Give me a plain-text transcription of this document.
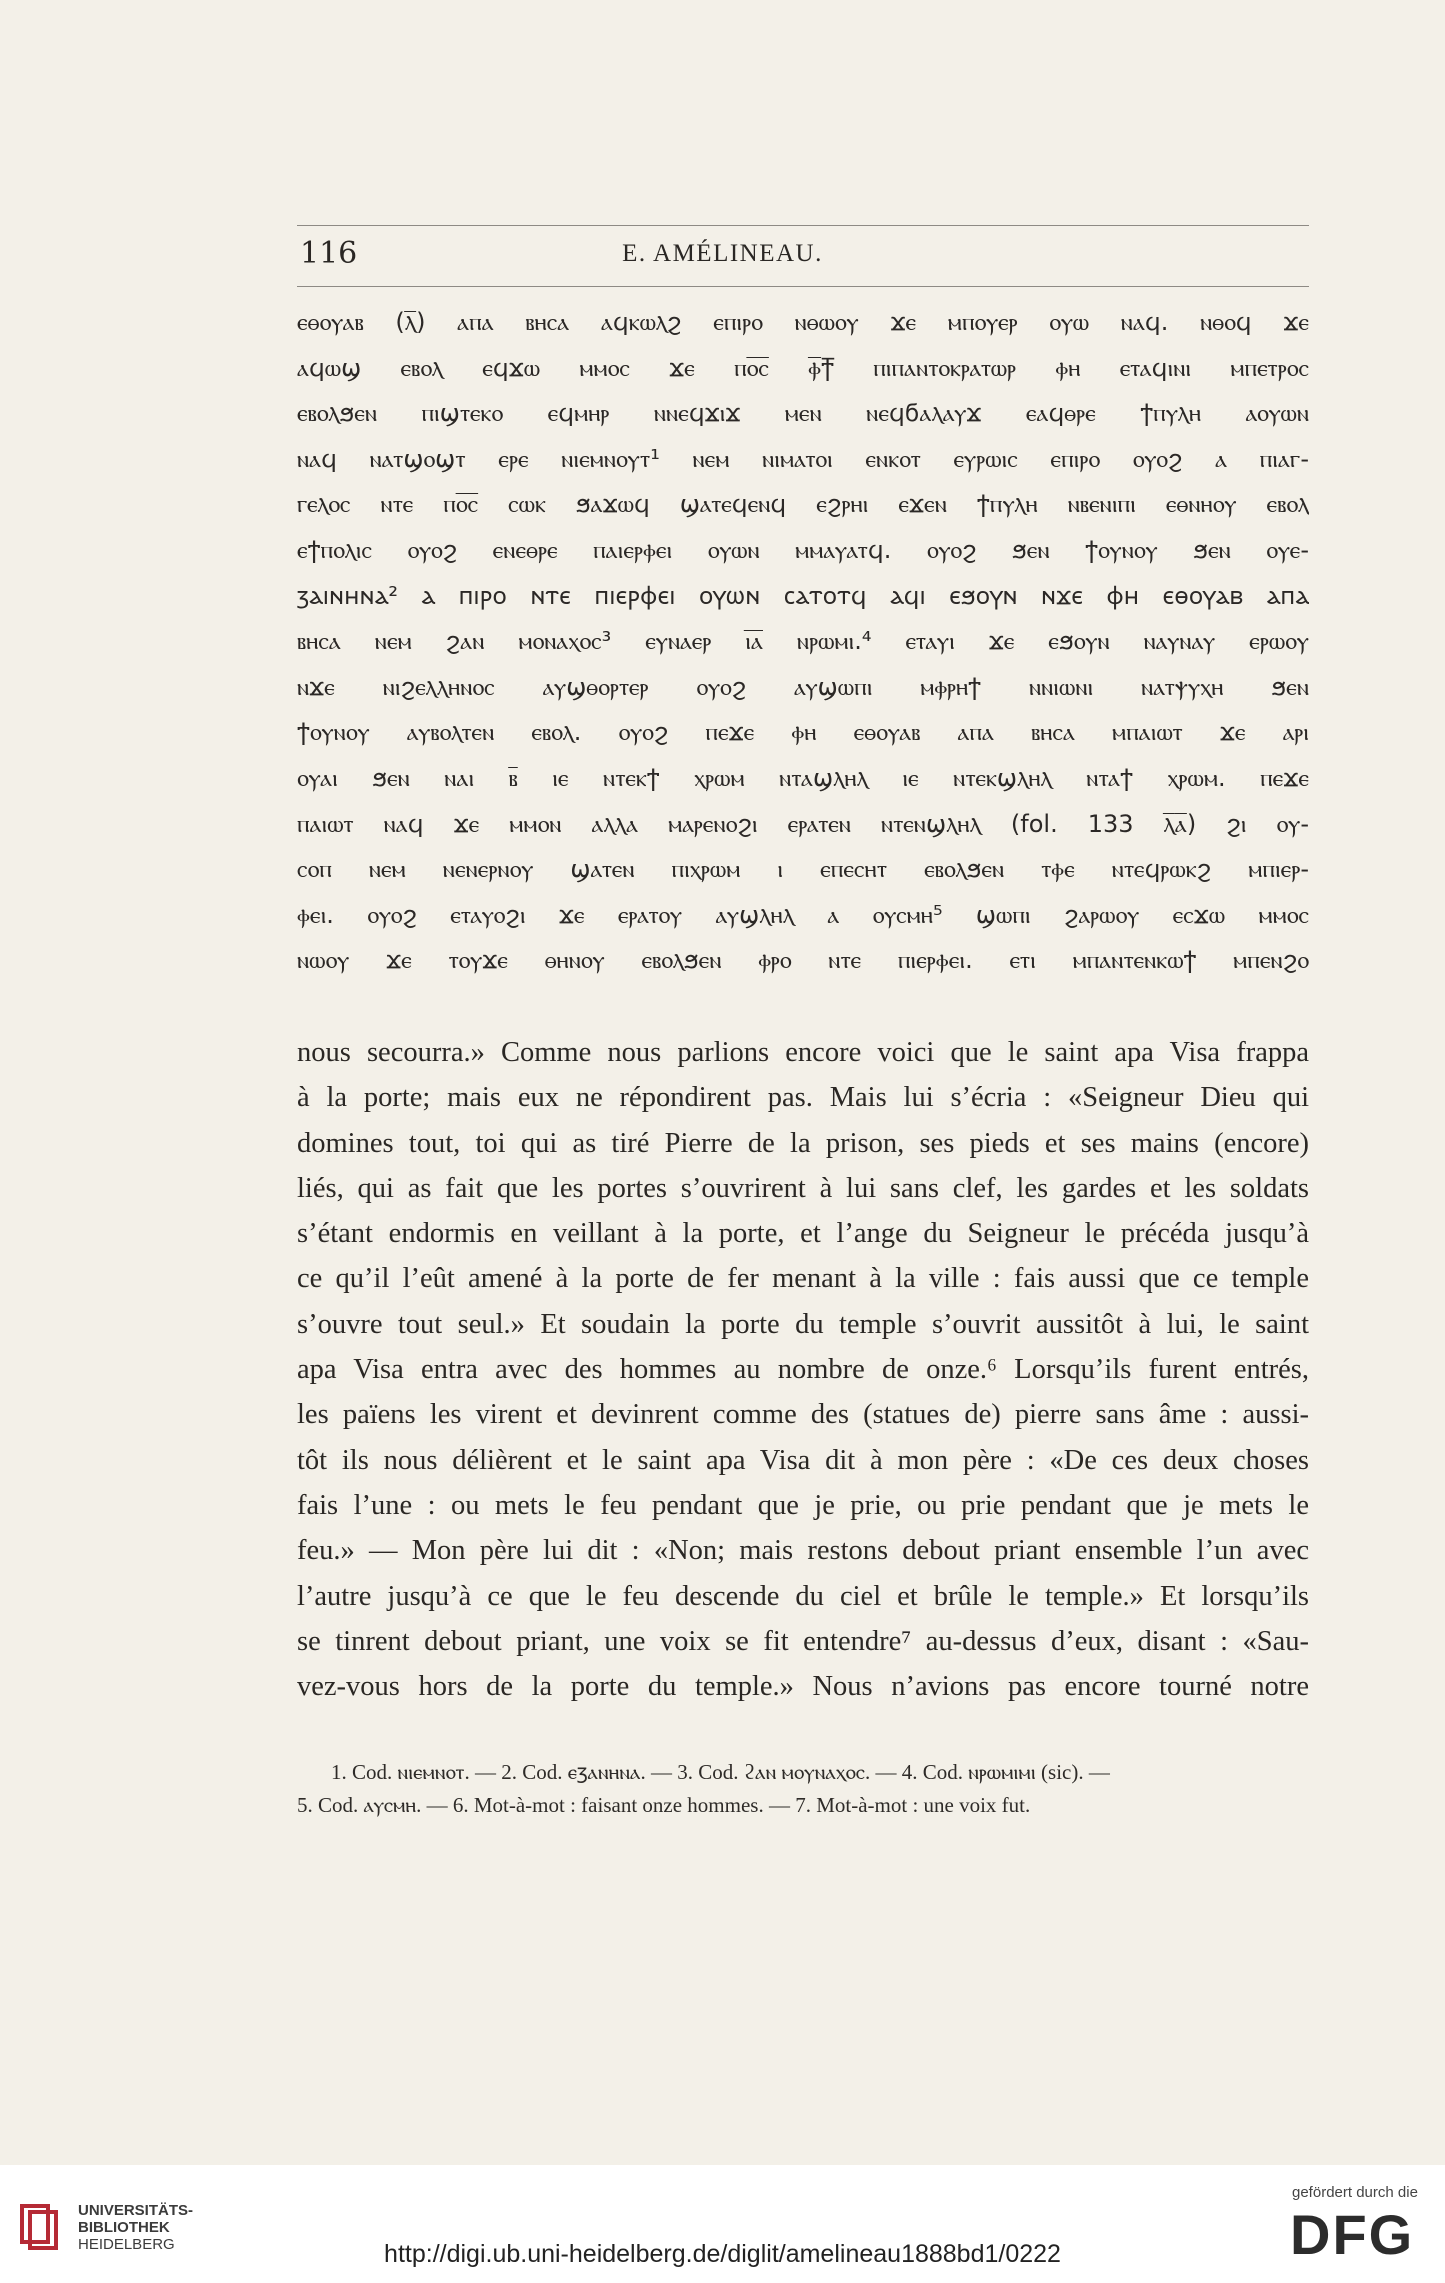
116	E. AMÉLINEAU.
ⲉⲑⲟⲩⲁⲃ (ⲗ̅) ⲁⲡⲁ ⲃⲏⲥⲁ ⲁϥⲕⲱⲗϩ ⲉⲡⲓⲣⲟ ⲛⲑⲱⲟⲩ ϫⲉ ⲙⲡⲟⲩⲉⲣ ⲟⲩⲱ ⲛⲁϥ. ⲛⲑⲟϥ ϫⲉ
ⲁϥⲱϣ ⲉⲃⲟⲗ ⲉϥϫⲱ ⲙⲙⲟⲥ ϫⲉ ⲡⲟ̅ⲥ̅ ⲫ̅ϯ̅ ⲡⲓⲡⲁⲛⲧⲟⲕⲣⲁⲧⲱⲣ ⲫⲏ ⲉⲧⲁϥⲓⲛⲓ ⲙⲡⲉⲧⲣⲟⲥ
ⲉⲃⲟⲗϧⲉⲛ ⲡⲓϣⲧⲉⲕⲟ ⲉϥⲙⲏⲣ ⲛⲛⲉϥϫⲓϫ ⲙⲉⲛ ⲛⲉϥϭⲁⲗⲁⲩϫ ⲉⲁϥⲑⲣⲉ ϯⲡⲩⲗⲏ ⲁⲟⲩⲱⲛ
ⲛⲁϥ ⲛⲁⲧϣⲟϣⲧ ⲉⲣⲉ ⲛⲓⲉⲙⲛⲟⲩⲧ¹ ⲛⲉⲙ ⲛⲓⲙⲁⲧⲟⲓ ⲉⲛⲕⲟⲧ ⲉⲩⲣⲱⲓⲥ ⲉⲡⲓⲣⲟ ⲟⲩⲟϩ ⲁ ⲡⲓⲁⲅ-
ⲅⲉⲗⲟⲥ ⲛⲧⲉ ⲡⲟ̅ⲥ̅ ⲥⲱⲕ ϧⲁϫⲱϥ ϣⲁⲧⲉϥⲉⲛϥ ⲉϩⲣⲏⲓ ⲉϫⲉⲛ ϯⲡⲩⲗⲏ ⲛⲃⲉⲛⲓⲡⲓ ⲉⲑⲛⲏⲟⲩ ⲉⲃⲟⲗ
ⲉϯⲡⲟⲗⲓⲥ ⲟⲩⲟϩ ⲉⲛⲉⲑⲣⲉ ⲡⲁⲓⲉⲣⲫⲉⲓ ⲟⲩⲱⲛ ⲙⲙⲁⲩⲁⲧϥ. ⲟⲩⲟϩ ϧⲉⲛ ϯⲟⲩⲛⲟⲩ ϧⲉⲛ ⲟⲩⲉ-
ⳅⲁⲓⲛⲏⲛⲁ² ⲁ ⲡⲓⲣⲟ ⲛⲧⲉ ⲡⲓⲉⲣⲫⲉⲓ ⲟⲩⲱⲛ ⲥⲁⲧⲟⲧϥ ⲁϥⲓ ⲉϧⲟⲩⲛ ⲛϫⲉ ⲫⲏ ⲉⲑⲟⲩⲁⲃ ⲁⲡⲁ
ⲃⲏⲥⲁ ⲛⲉⲙ ϩⲁⲛ ⲙⲟⲛⲁⲭⲟⲥ³ ⲉⲩⲛⲁⲉⲣ ⲓ̅ⲁ̅ ⲛⲣⲱⲙⲓ.⁴ ⲉⲧⲁⲩⲓ ϫⲉ ⲉϧⲟⲩⲛ ⲛⲁⲩⲛⲁⲩ ⲉⲣⲱⲟⲩ
ⲛϫⲉ ⲛⲓϩⲉⲗⲗⲏⲛⲟⲥ ⲁⲩϣⲑⲟⲣⲧⲉⲣ ⲟⲩⲟϩ ⲁⲩϣⲱⲡⲓ ⲙⲫⲣⲏϯ ⲛⲛⲓⲱⲛⲓ ⲛⲁⲧⲯⲩⲭⲏ ϧⲉⲛ
ϯⲟⲩⲛⲟⲩ ⲁⲩⲃⲟⲗⲧⲉⲛ ⲉⲃⲟⲗ. ⲟⲩⲟϩ ⲡⲉϫⲉ ⲫⲏ ⲉⲑⲟⲩⲁⲃ ⲁⲡⲁ ⲃⲏⲥⲁ ⲙⲡⲁⲓⲱⲧ ϫⲉ ⲁⲣⲓ
ⲟⲩⲁⲓ ϧⲉⲛ ⲛⲁⲓ ⲃ̅ ⲓⲉ ⲛⲧⲉⲕϯ ⲭⲣⲱⲙ ⲛⲧⲁϣⲗⲏⲗ ⲓⲉ ⲛⲧⲉⲕϣⲗⲏⲗ ⲛⲧⲁϯ ⲭⲣⲱⲙ. ⲡⲉϫⲉ
ⲡⲁⲓⲱⲧ ⲛⲁϥ ϫⲉ ⲙⲙⲟⲛ ⲁⲗⲗⲁ ⲙⲁⲣⲉⲛⲟϩⲓ ⲉⲣⲁⲧⲉⲛ ⲛⲧⲉⲛϣⲗⲏⲗ (fol. 133 ⲗ̅ⲁ̅) ϩⲓ ⲟⲩ-
ⲥⲟⲡ ⲛⲉⲙ ⲛⲉⲛⲉⲣⲛⲟⲩ ϣⲁⲧⲉⲛ ⲡⲓⲭⲣⲱⲙ ⲓ ⲉⲡⲉⲥⲏⲧ ⲉⲃⲟⲗϧⲉⲛ ⲧⲫⲉ ⲛⲧⲉϥⲣⲱⲕϩ ⲙⲡⲓⲉⲣ-
ⲫⲉⲓ. ⲟⲩⲟϩ ⲉⲧⲁⲩⲟϩⲓ ϫⲉ ⲉⲣⲁⲧⲟⲩ ⲁⲩϣⲗⲏⲗ ⲁ ⲟⲩⲥⲙⲏ⁵ ϣⲱⲡⲓ ϩⲁⲣⲱⲟⲩ ⲉⲥϫⲱ ⲙⲙⲟⲥ
ⲛⲱⲟⲩ ϫⲉ ⲧⲟⲩϫⲉ ⲑⲏⲛⲟⲩ ⲉⲃⲟⲗϧⲉⲛ ⲫⲣⲟ ⲛⲧⲉ ⲡⲓⲉⲣⲫⲉⲓ. ⲉⲧⲓ ⲙⲡⲁⲛⲧⲉⲛⲕⲱϯ ⲙⲡⲉⲛϩⲟ
nous secourra.» Comme nous parlions encore voici que le saint apa Visa frappa
à la porte; mais eux ne répondirent pas. Mais lui s’écria : «Seigneur Dieu qui
domines tout, toi qui as tiré Pierre de la prison, ses pieds et ses mains (encore)
liés, qui as fait que les portes s’ouvrirent à lui sans clef, les gardes et les soldats
s’étant endormis en veillant à la porte, et l’ange du Seigneur le précéda jusqu’à
ce qu’il l’eût amené à la porte de fer menant à la ville : fais aussi que ce temple
s’ouvre tout seul.» Et soudain la porte du temple s’ouvrit aussitôt à lui, le saint
apa Visa entra avec des hommes au nombre de onze.⁶ Lorsqu’ils furent entrés,
les païens les virent et devinrent comme des (statues de) pierre sans âme : aussi-
tôt ils nous délièrent et le saint apa Visa dit à mon père : «De ces deux choses
fais l’une : ou mets le feu pendant que je prie, ou prie pendant que je mets le
feu.» — Mon père lui dit : «Non; mais restons debout priant ensemble l’un avec
l’autre jusqu’à ce que le feu descende du ciel et brûle le temple.» Et lorsqu’ils
se tinrent debout priant, une voix se fit entendre⁷ au-dessus d’eux, disant : «Sau-
vez-vous hors de la porte du temple.» Nous n’avions pas encore tourné notre
1. Cod. ⲛⲓⲉⲙⲛⲟⲧ. — 2. Cod. ⲉⳅⲁⲛⲏⲛⲁ. — 3. Cod. ϩⲁⲛ ⲙⲟⲩⲛⲁⲭⲟⲥ. — 4. Cod. ⲛⲣⲱⲙⲓⲙⲓ (sic). —
5. Cod. ⲁⲩⲥⲙⲏ. — 6. Mot-à-mot : faisant onze hommes. — 7. Mot-à-mot : une voix fut.
UNIVERSITÄTS-
BIBLIOTHEK
HEIDELBERG	http://digi.ub.uni-heidelberg.de/diglit/amelineau1888bd1/0222
gefördert durch die
DFG
